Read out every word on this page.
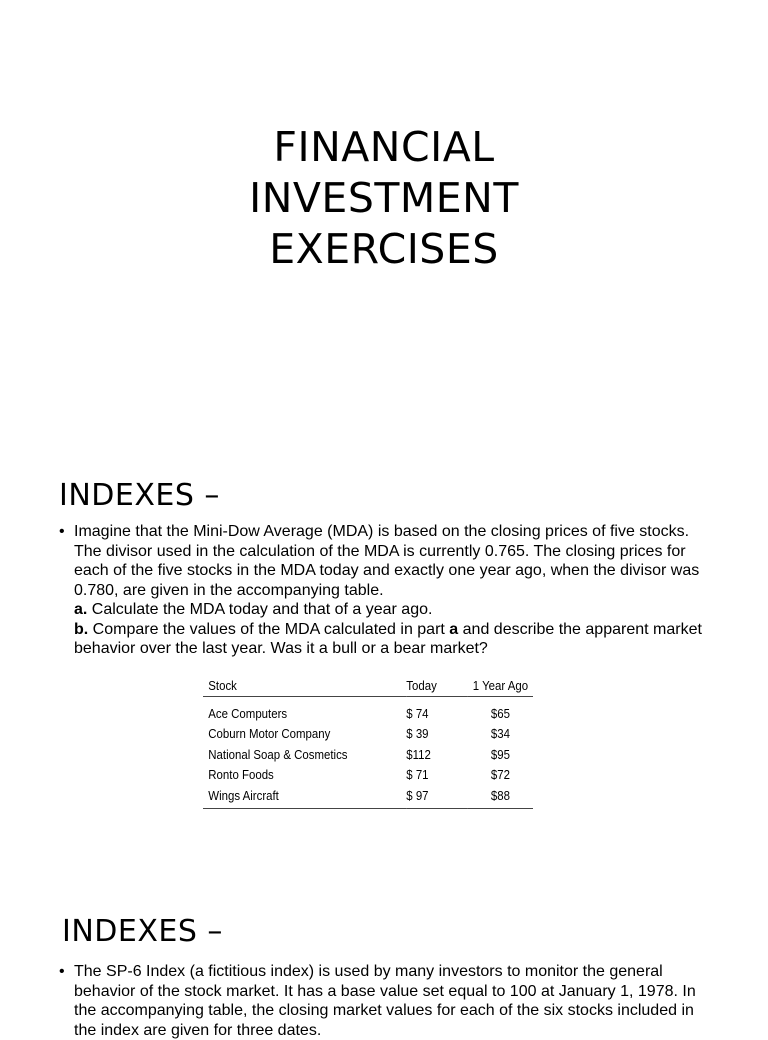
FINANCIAL
INVESTMENT
EXERCISES
INDEXES –
• Imagine that the Mini-Dow Average (MDA) is based on the closing prices of five stocks. The divisor used in the calculation of the MDA is currently 0.765. The closing prices for each of the five stocks in the MDA today and exactly one year ago, when the divisor was 0.780, are given in the accompanying table.
a. Calculate the MDA today and that of a year ago.
b. Compare the values of the MDA calculated in part a and describe the apparent market behavior over the last year. Was it a bull or a bear market?
Stock	Today	1 Year Ago
Ace Computers	$ 74	$65
Coburn Motor Company	$ 39	$34
National Soap & Cosmetics	$112	$95
Ronto Foods	$ 71	$72
Wings Aircraft	$ 97	$88
INDEXES –
• The SP-6 Index (a fictitious index) is used by many investors to monitor the general behavior of the stock market. It has a base value set equal to 100 at January 1, 1978. In the accompanying table, the closing market values for each of the six stocks included in the index are given for three dates.
